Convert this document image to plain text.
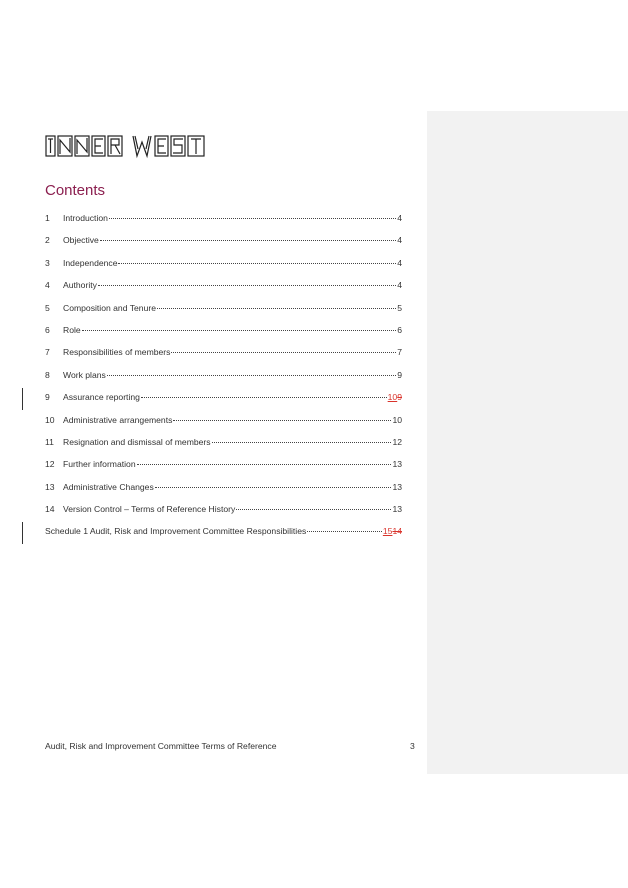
Contents
1	Introduction	4
2	Objective	4
3	Independence	4
4	Authority	4
5	Composition and Tenure	5
6	Role	6
7	Responsibilities of members	7
8	Work plans	9
9	Assurance reporting	109
10 Administrative arrangements	10
11	Resignation and dismissal of members	12
12 Further information	13
13 Administrative Changes	13
14 Version Control – Terms of Reference History	13
Schedule 1 Audit, Risk and Improvement Committee Responsibilities	1514
Audit, Risk and Improvement Committee Terms of Reference	3
